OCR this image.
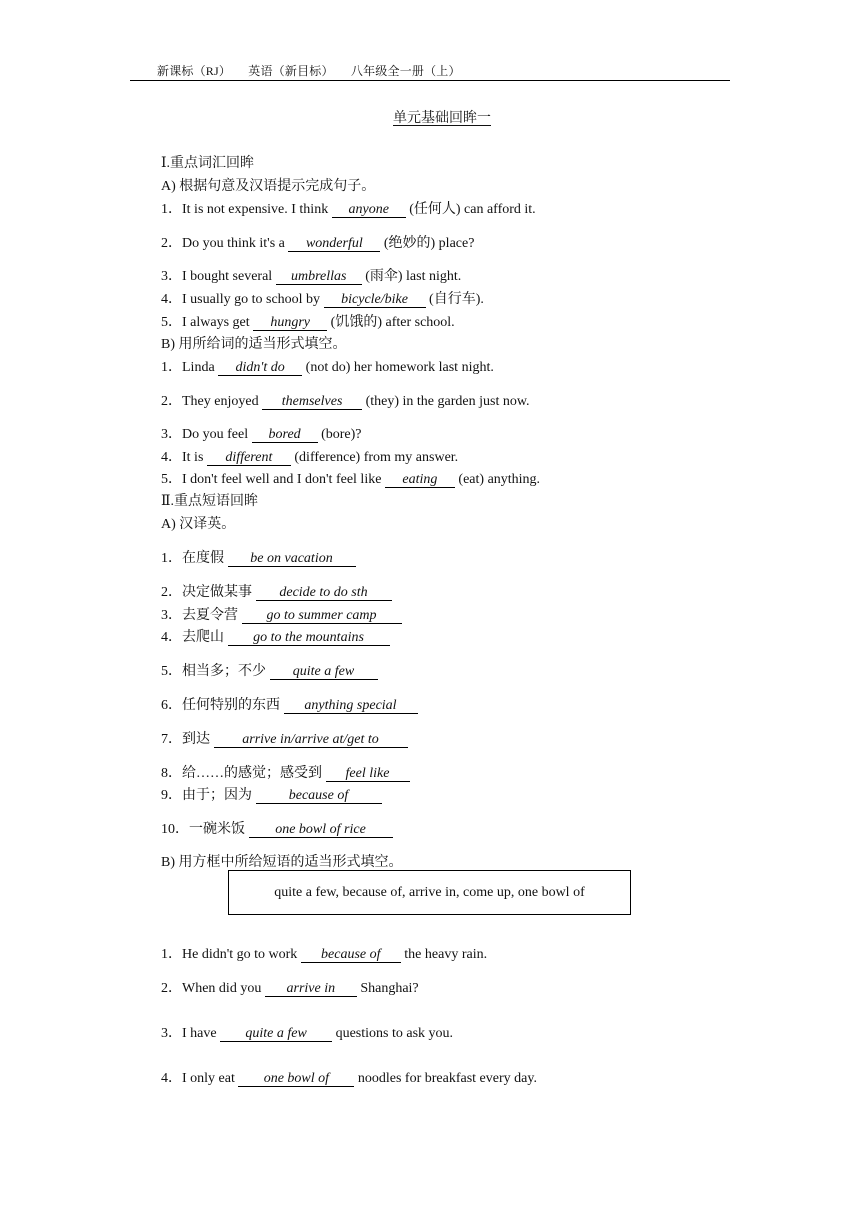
新课标（RJ） 英语（新目标） 八年级全一册（上）
单元基础回眸一
Ⅰ.重点词汇回眸
A) 根据句意及汉语提示完成句子。
1．It is not expensive. I think anyone (任何人) can afford it.
2．Do you think it's a wonderful (绝妙的) place?
3．I bought several umbrellas (雨伞) last night.
4．I usually go to school by bicycle/bike (自行车).
5．I always get hungry (饥饿的) after school.
B) 用所给词的适当形式填空。
1．Linda didn't do (not do) her homework last night.
2．They enjoyed themselves (they) in the garden just now.
3．Do you feel bored (bore)?
4．It is different (difference) from my answer.
5．I don't feel well and I don't feel like eating (eat) anything.
Ⅱ.重点短语回眸
A) 汉译英。
1．在度假 be on vacation
2．决定做某事 decide to do sth
3．去夏令营 go to summer camp
4．去爬山 go to the mountains
5．相当多；不少 quite a few
6．任何特别的东西 anything special
7．到达 arrive in/arrive at/get to
8．给……的感觉；感受到 feel like
9．由于；因为 because of
10．一碗米饭 one bowl of rice
B) 用方框中所给短语的适当形式填空。
quite a few, because of, arrive in, come up, one bowl of
1．He didn't go to work because of the heavy rain.
2．When did you arrive in Shanghai?
3．I have quite a few questions to ask you.
4．I only eat one bowl of noodles for breakfast every day.
